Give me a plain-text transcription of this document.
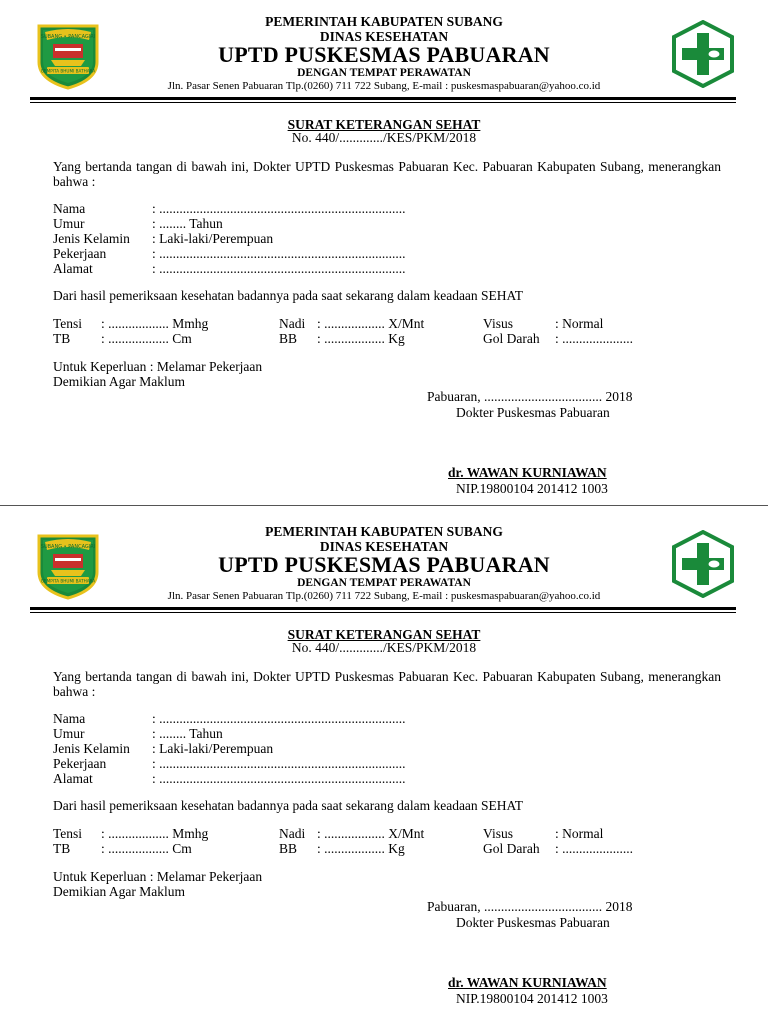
SUBANG • PANCAGIRI
GEMPITA BHUMI BATHARA
PEMERINTAH KABUPATEN SUBANG
DINAS KESEHATAN
UPTD PUSKESMAS PABUARAN
DENGAN TEMPAT PERAWATAN
Jln. Pasar Senen Pabuaran Tlp.(0260) 711 722 Subang, E-mail : puskesmaspabuaran@yahoo.co.id
SURAT KETERANGAN SEHAT
No. 440/............./KES/PKM/2018
Yang bertanda tangan di bawah ini, Dokter UPTD Puskesmas Pabuaran Kec. Pabuaran Kabupaten Subang, menerangkan bahwa :
Nama	: .........................................................................
Umur	: ........ Tahun
Jenis Kelamin : Laki-laki/Perempuan
Pekerjaan	: .........................................................................
Alamat	: .........................................................................
Dari hasil pemeriksaan kesehatan badannya pada saat sekarang dalam keadaan SEHAT
Tensi : .................. Mmhg	Nadi : .................. X/Mnt	Visus	: Normal
TB : .................. Cm	BB : .................. Kg	Gol Darah : .....................
Untuk Keperluan : Melamar Pekerjaan
Demikian Agar Maklum
Pabuaran, ................................... 2018
Dokter Puskesmas Pabuaran
dr. WAWAN KURNIAWAN
NIP.19800104 201412 1003
SUBANG • PANCAGIRI
GEMPITA BHUMI BATHARA
PEMERINTAH KABUPATEN SUBANG
DINAS KESEHATAN
UPTD PUSKESMAS PABUARAN
DENGAN TEMPAT PERAWATAN
Jln. Pasar Senen Pabuaran Tlp.(0260) 711 722 Subang, E-mail : puskesmaspabuaran@yahoo.co.id
SURAT KETERANGAN SEHAT
No. 440/............./KES/PKM/2018
Yang bertanda tangan di bawah ini, Dokter UPTD Puskesmas Pabuaran Kec. Pabuaran Kabupaten Subang, menerangkan bahwa :
Nama	: .........................................................................
Umur	: ........ Tahun
Jenis Kelamin : Laki-laki/Perempuan
Pekerjaan	: .........................................................................
Alamat	: .........................................................................
Dari hasil pemeriksaan kesehatan badannya pada saat sekarang dalam keadaan SEHAT
Tensi : .................. Mmhg	Nadi : .................. X/Mnt	Visus	: Normal
TB : .................. Cm	BB : .................. Kg	Gol Darah : .....................
Untuk Keperluan : Melamar Pekerjaan
Demikian Agar Maklum
Pabuaran, ................................... 2018
Dokter Puskesmas Pabuaran
dr. WAWAN KURNIAWAN
NIP.19800104 201412 1003
